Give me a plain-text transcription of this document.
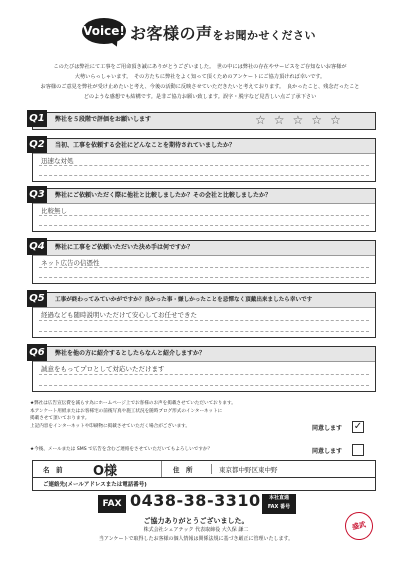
Voice! お客様の声をお聞かせください

このたびは弊社にて工事をご用命頂き誠にありがとうございました。　世の中には弊社の存在やサービスをご存知ないお客様が

大勢いらっしゃいます。　その方たちに弊社をよく知って頂くためのアンケートにご協力頂ければ幸いです。

お客様のご意見を弊社が受け止めたいと考え、今後の活動に反映させていただきたいと考えております。　良かったこと、残念だったこと

どのような感想でも結構です。是非ご協力お願い致します。誤字・脱字など見苦しい点ご了承下さい

Q1	弊社を５段階で評価をお願いします	☆☆☆☆☆
Q2	当初、工事を依頼する会社にどんなことを期待されていましたか？
迅速な対処
Q3	弊社にご依頼いただく際に他社と比較しましたか？その会社と比較しましたか？
比較無し
Q4	弊社に工事をご依頼いただいた決め手は何ですか？
ネット広告の信憑性
Q5	工事が終わってみていかがですか？良かった事・嫌しかったことを忌憚なく頂戴出来ましたら幸いです
経過なども随時説明いただけて安心してお任せできた
Q6	弊社を他の方に紹介するとしたらなんと紹介しますか？
誠意をもってプロとして対応いただけます

★弊社は広告宣伝費を減らす為にホームページ上でお客様のお声を掲載させていただいております。

本アンケート用紙またはお客様宅の前後写真や施工状況を随時ブログ形式のインターネットに

掲載させて頂いております。

上記内容をインターネットや印刷物に掲載させていただく場合がございます。	同意します ✓
★今後、メールまたは SMS で広告を含むご連絡をさせていただいてもよろしいですか？	同意します
名　前 O様	住　所	東京都中野区東中野
ご連絡先(メールアドレスまたは電話番号)
FAX 0438-38-3310	本社直通
FAX 番号

ご協力ありがとうございました。

株式会社シェアテック 代表取締役 大久保 謙二

当アンケートで取得したお客様の個人情報は関係法規に基づき厳正に管理いたします。

盛武
